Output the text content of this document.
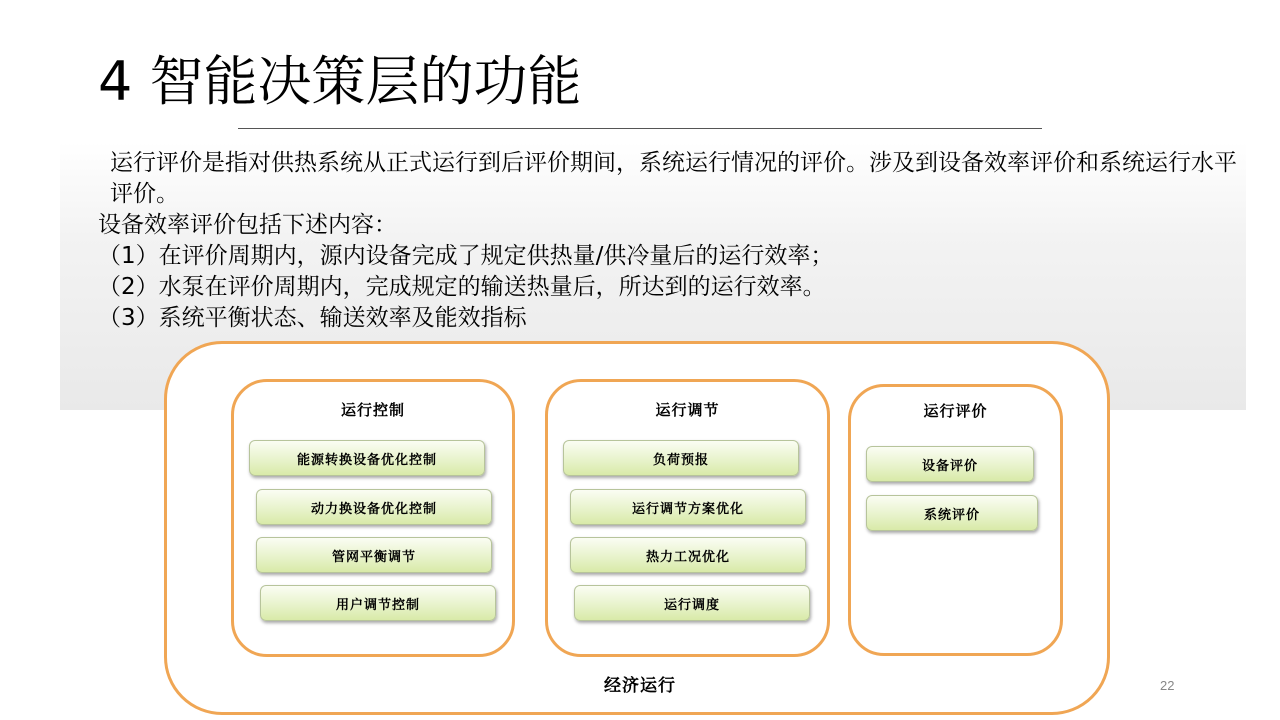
4 智能决策层的功能

运行评价是指对供热系统从正式运行到后评价期间，系统运行情况的评价。涉及到设备效率评价和系统运行水平评价。

设备效率评价包括下述内容：

（1）在评价周期内，源内设备完成了规定供热量/供冷量后的运行效率；

（2）水泵在评价周期内，完成规定的输送热量后，所达到的运行效率。

（3）系统平衡状态、输送效率及能效指标

运行控制
能源转换设备优化控制
动力换设备优化控制
管网平衡调节
用户调节控制
运行调节
负荷预报
运行调节方案优化
热力工况优化
运行调度
运行评价
设备评价
系统评价
经济运行	22
